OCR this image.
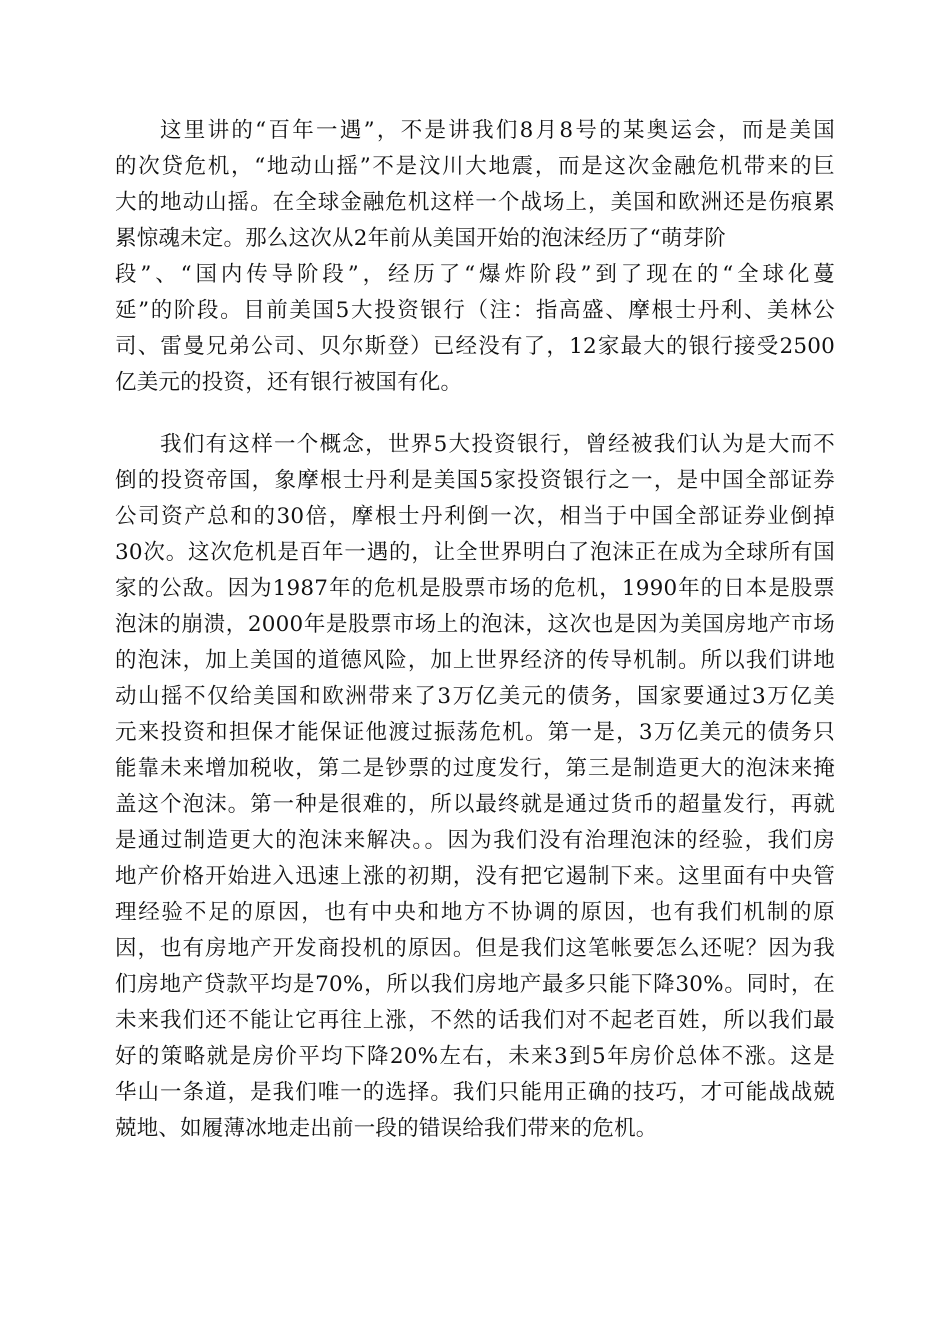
这里讲的“百年一遇”，不是讲我们8月8号的某奥运会，而是美国
的次贷危机，“地动山摇”不是汶川大地震，而是这次金融危机带来的巨
大的地动山摇。在全球金融危机这样一个战场上，美国和欧洲还是伤痕累
累惊魂未定。那么这次从2年前从美国开始的泡沫经历了“萌芽阶
段”、“国内传导阶段”，经历了“爆炸阶段”到了现在的“全球化蔓
延”的阶段。目前美国5大投资银行（注：指高盛、摩根士丹利、美林公
司、雷曼兄弟公司、贝尔斯登）已经没有了，12家最大的银行接受2500
亿美元的投资，还有银行被国有化。
我们有这样一个概念，世界5大投资银行，曾经被我们认为是大而不
倒的投资帝国，象摩根士丹利是美国5家投资银行之一，是中国全部证券
公司资产总和的30倍，摩根士丹利倒一次，相当于中国全部证券业倒掉
30次。这次危机是百年一遇的，让全世界明白了泡沫正在成为全球所有国
家的公敌。因为1987年的危机是股票市场的危机，1990年的日本是股票
泡沫的崩溃，2000年是股票市场上的泡沫，这次也是因为美国房地产市场
的泡沫，加上美国的道德风险，加上世界经济的传导机制。所以我们讲地
动山摇不仅给美国和欧洲带来了3万亿美元的债务，国家要通过3万亿美
元来投资和担保才能保证他渡过振荡危机。第一是，3万亿美元的债务只
能靠未来增加税收，第二是钞票的过度发行，第三是制造更大的泡沫来掩
盖这个泡沫。第一种是很难的，所以最终就是通过货币的超量发行，再就
是通过制造更大的泡沫来解决。。因为我们没有治理泡沫的经验，我们房
地产价格开始进入迅速上涨的初期，没有把它遏制下来。这里面有中央管
理经验不足的原因，也有中央和地方不协调的原因，也有我们机制的原
因，也有房地产开发商投机的原因。但是我们这笔帐要怎么还呢？因为我
们房地产贷款平均是70%，所以我们房地产最多只能下降30%。同时，在
未来我们还不能让它再往上涨，不然的话我们对不起老百姓，所以我们最
好的策略就是房价平均下降20%左右，未来3到5年房价总体不涨。这是
华山一条道，是我们唯一的选择。我们只能用正确的技巧，才可能战战兢
兢地、如履薄冰地走出前一段的错误给我们带来的危机。
